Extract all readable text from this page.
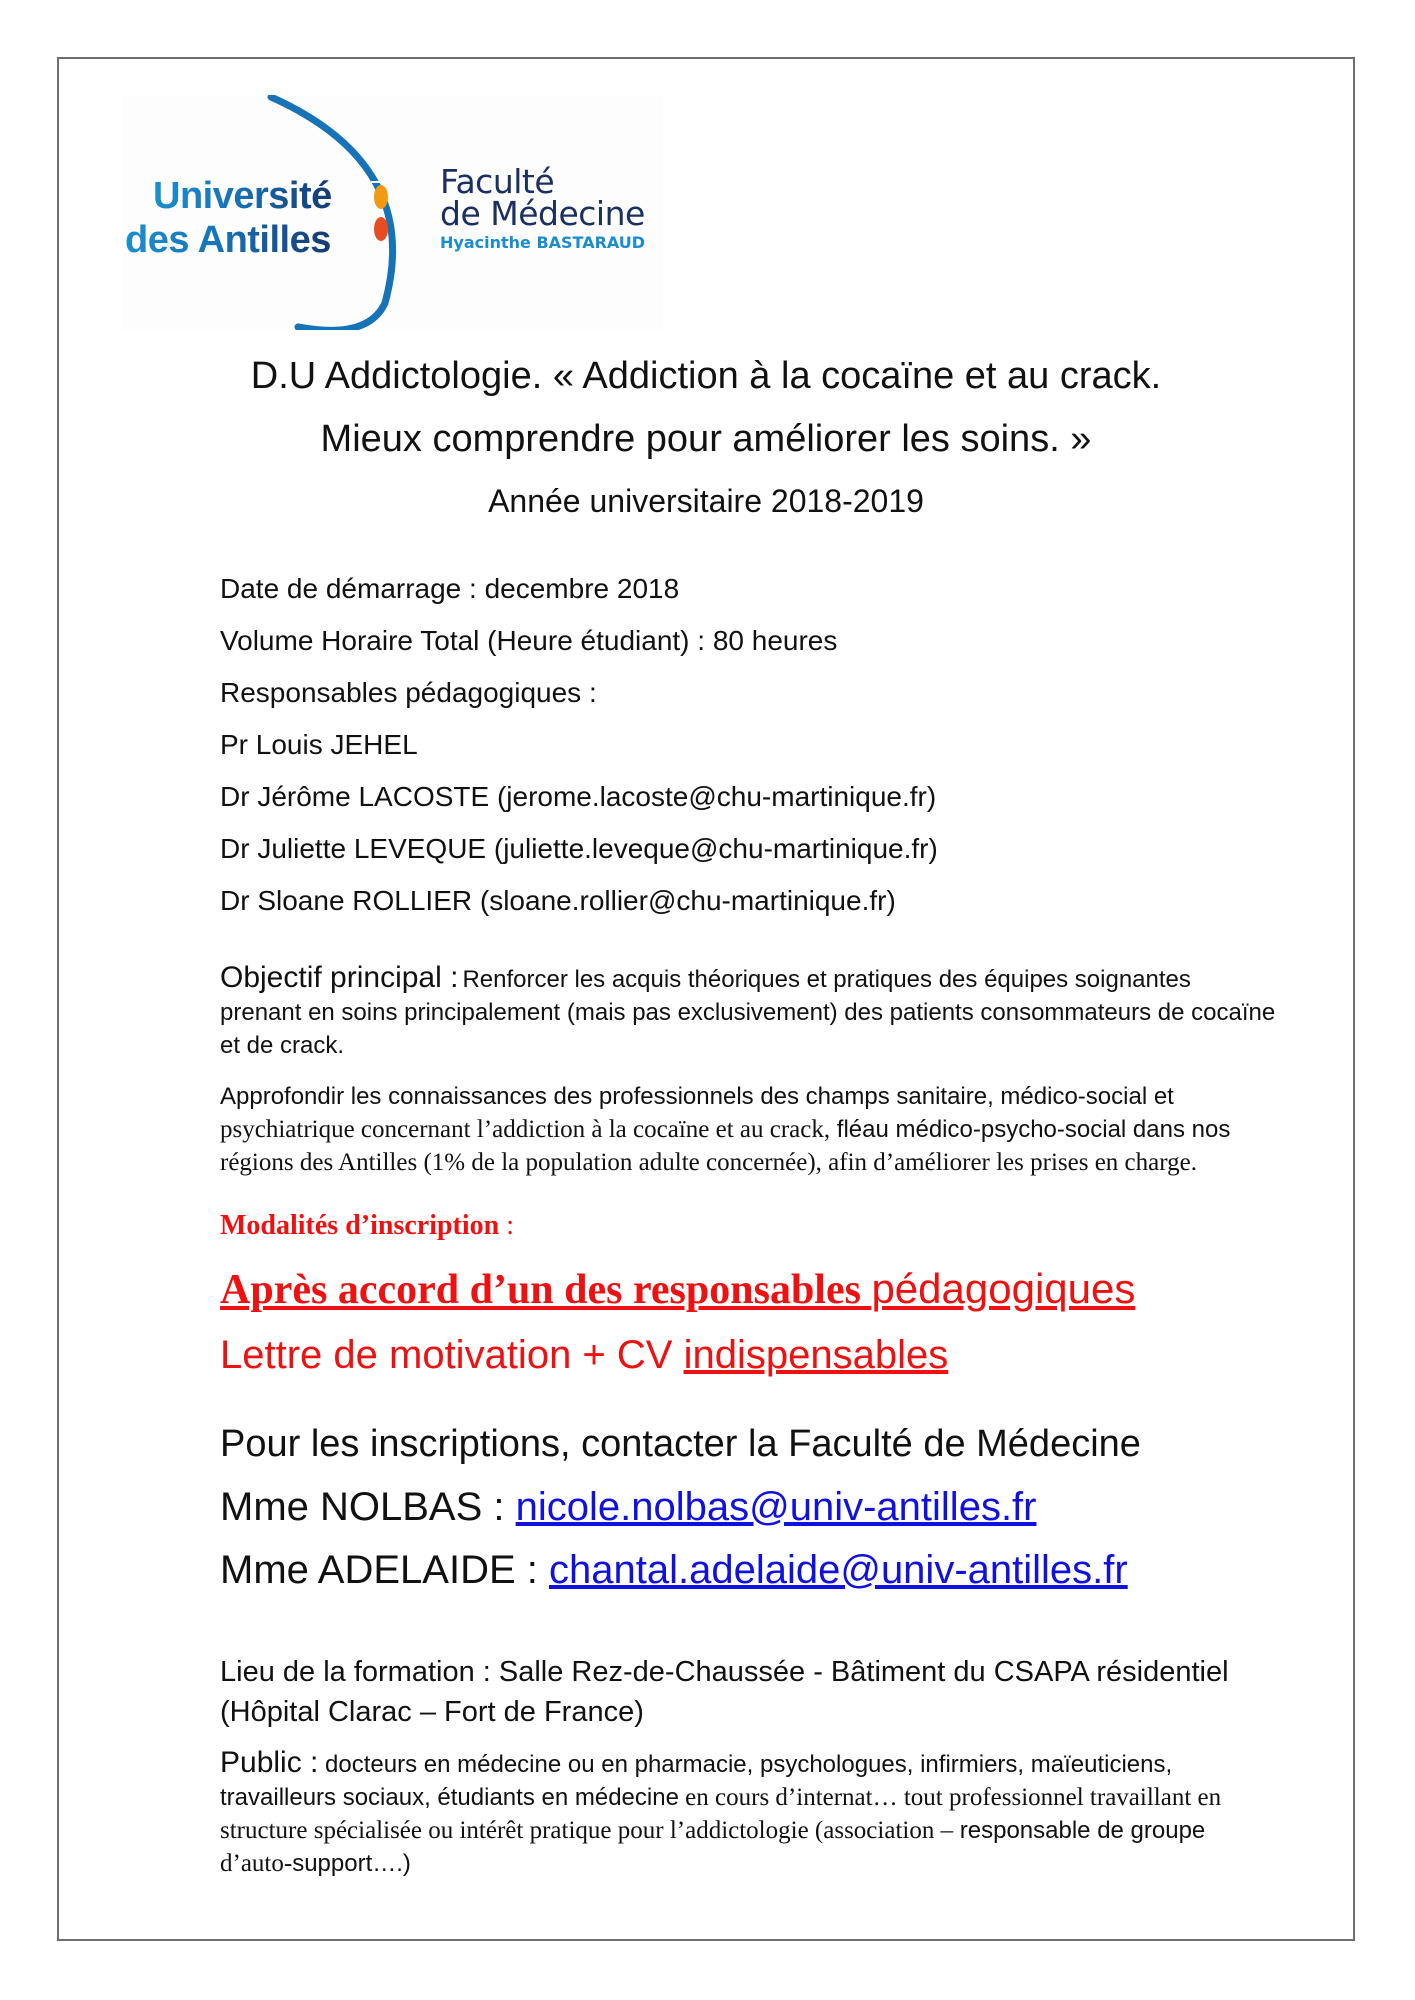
Université
des Antilles
Faculté
de Médecine
Hyacinthe BASTARAUD
D.U Addictologie. « Addiction à la cocaïne et au crack.
Mieux comprendre pour améliorer les soins. »
Année universitaire 2018-2019
Date de démarrage : decembre 2018
Volume Horaire Total (Heure étudiant) : 80 heures
Responsables pédagogiques :
Pr Louis JEHEL
Dr Jérôme LACOSTE (jerome.lacoste@chu-martinique.fr)
Dr Juliette LEVEQUE (juliette.leveque@chu-martinique.fr)
Dr Sloane ROLLIER (sloane.rollier@chu-martinique.fr)
Objectif principal : Renforcer les acquis théoriques et pratiques des équipes soignantes
prenant en soins principalement (mais pas exclusivement) des patients consommateurs de cocaïne
et de crack.
Approfondir les connaissances des professionnels des champs sanitaire, médico-social et
psychiatrique concernant l’addiction à la cocaïne et au crack, fléau médico-psycho-social dans nos
régions des Antilles (1% de la population adulte concernée), afin d’améliorer les prises en charge.
Modalités d’inscription :
Après accord d’un des responsables pédagogiques
Lettre de motivation + CV indispensables
Pour les inscriptions, contacter la Faculté de Médecine
Mme NOLBAS : nicole.nolbas@univ-antilles.fr
Mme ADELAIDE : chantal.adelaide@univ-antilles.fr
Lieu de la formation : Salle Rez-de-Chaussée - Bâtiment du CSAPA résidentiel
(Hôpital Clarac – Fort de France)
Public : docteurs en médecine ou en pharmacie, psychologues, infirmiers, maïeuticiens,
travailleurs sociaux, étudiants en médecine en cours d’internat… tout professionnel travaillant en
structure spécialisée ou intérêt pratique pour l’addictologie (association – responsable de groupe
d’auto-support….)
